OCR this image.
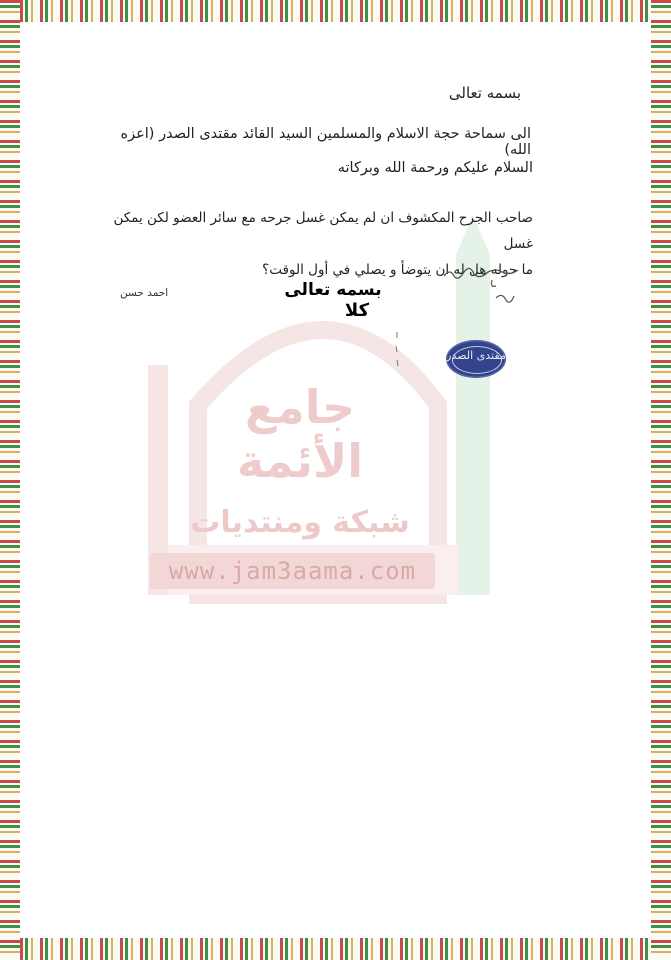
جامع الأئمة
شبكة ومنتديات
www.jam3aama.com
بسمه تعالى
الى سماحة حجة الاسلام والمسلمين السيد القائد مقتدى الصدر (اعزه الله)
السلام عليكم ورحمة الله وبركاته
صاحب الجرح المكشوف ان لم يمكن غسل جرحه مع سائر العضو لكن يمكن غسل
ما حوله هل له ان يتوضأ و يصلي في أول الوقت؟
احمد حسن	بسمه تعالى
كلا
مقتدى الصدر
